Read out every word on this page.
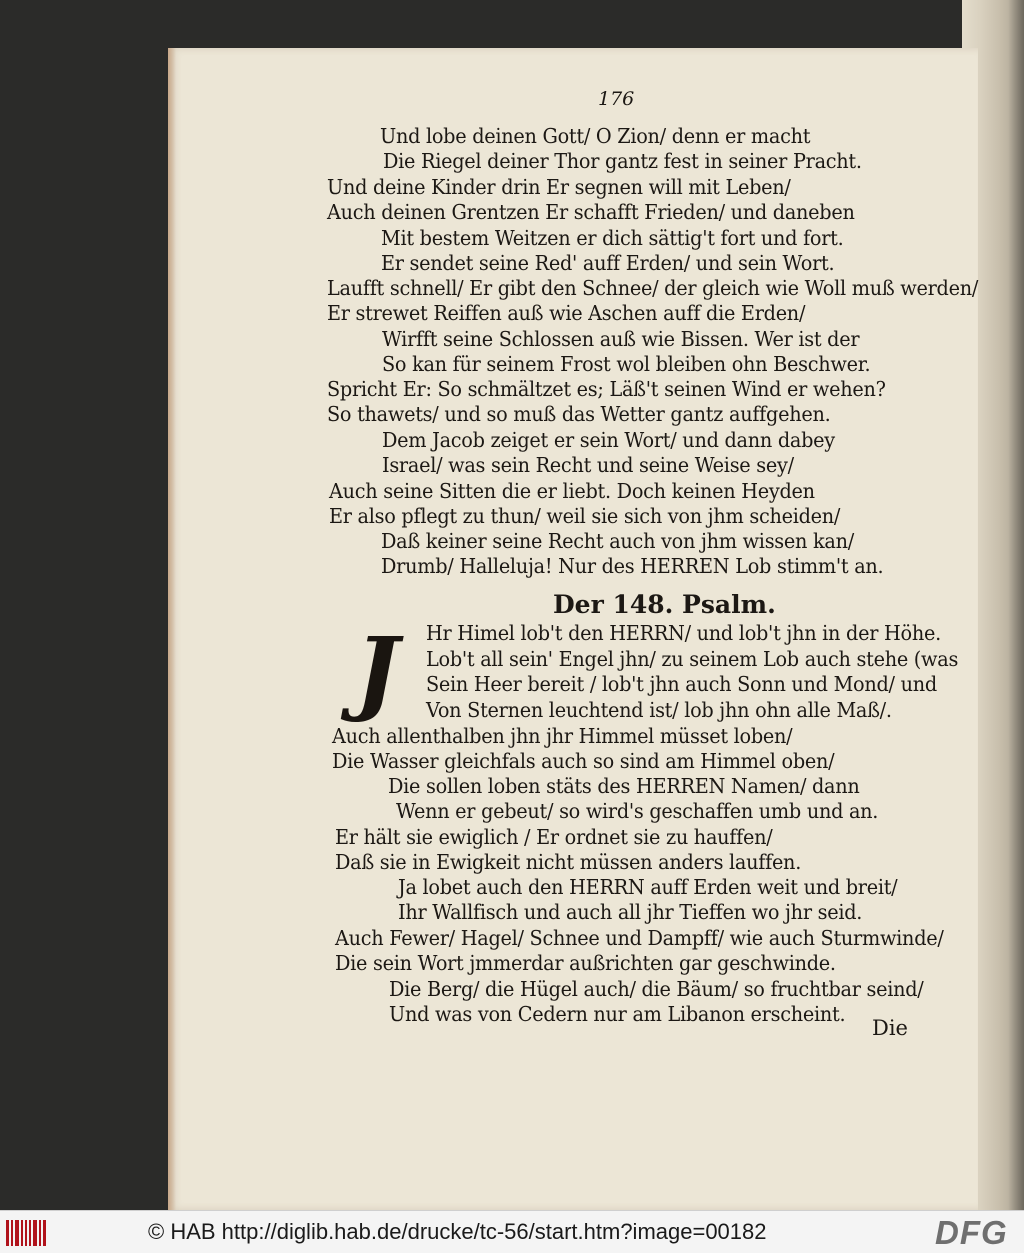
176
Und lobe deinen Gott/ O Zion/ denn er macht
Die Riegel deiner Thor gantz fest in seiner Pracht.
Und deine Kinder drin Er segnen will mit Leben/
Auch deinen Grentzen Er schafft Frieden/ und daneben
Mit bestem Weitzen er dich sättig't fort und fort.
Er sendet seine Red' auff Erden/ und sein Wort.
Laufft schnell/ Er gibt den Schnee/ der gleich wie Woll muß werden/
Er strewet Reiffen auß wie Aschen auff die Erden/
Wirfft seine Schlossen auß wie Bissen. Wer ist der
So kan für seinem Frost wol bleiben ohn Beschwer.
Spricht Er: So schmältzet es; Läß't seinen Wind er wehen?
So thawets/ und so muß das Wetter gantz auffgehen.
Dem Jacob zeiget er sein Wort/ und dann dabey
Israel/ was sein Recht und seine Weise sey/
Auch seine Sitten die er liebt. Doch keinen Heyden
Er also pflegt zu thun/ weil sie sich von jhm scheiden/
Daß keiner seine Recht auch von jhm wissen kan/
Drumb/ Halleluja! Nur des HERREN Lob stimm't an.
Der 148. Psalm.
J	Hr Himel lob't den HERRN/ und lob't jhn in der Höhe.
Lob't all sein' Engel jhn/ zu seinem Lob auch stehe (was
Sein Heer bereit / lob't jhn auch Sonn und Mond/ und
Von Sternen leuchtend ist/ lob jhn ohn alle Maß/.
Auch allenthalben jhn jhr Himmel müsset loben/
Die Wasser gleichfals auch so sind am Himmel oben/
Die sollen loben stäts des HERREN Namen/ dann
Wenn er gebeut/ so wird's geschaffen umb und an.
Er hält sie ewiglich / Er ordnet sie zu hauffen/
Daß sie in Ewigkeit nicht müssen anders lauffen.
Ja lobet auch den HERRN auff Erden weit und breit/
Ihr Wallfisch und auch all jhr Tieffen wo jhr seid.
Auch Fewer/ Hagel/ Schnee und Dampff/ wie auch Sturmwinde/
Die sein Wort jmmerdar außrichten gar geschwinde.
Die Berg/ die Hügel auch/ die Bäum/ so fruchtbar seind/
Und was von Cedern nur am Libanon erscheint.
Die
© HAB http://diglib.hab.de/drucke/tc-56/start.htm?image=00182	DFG
